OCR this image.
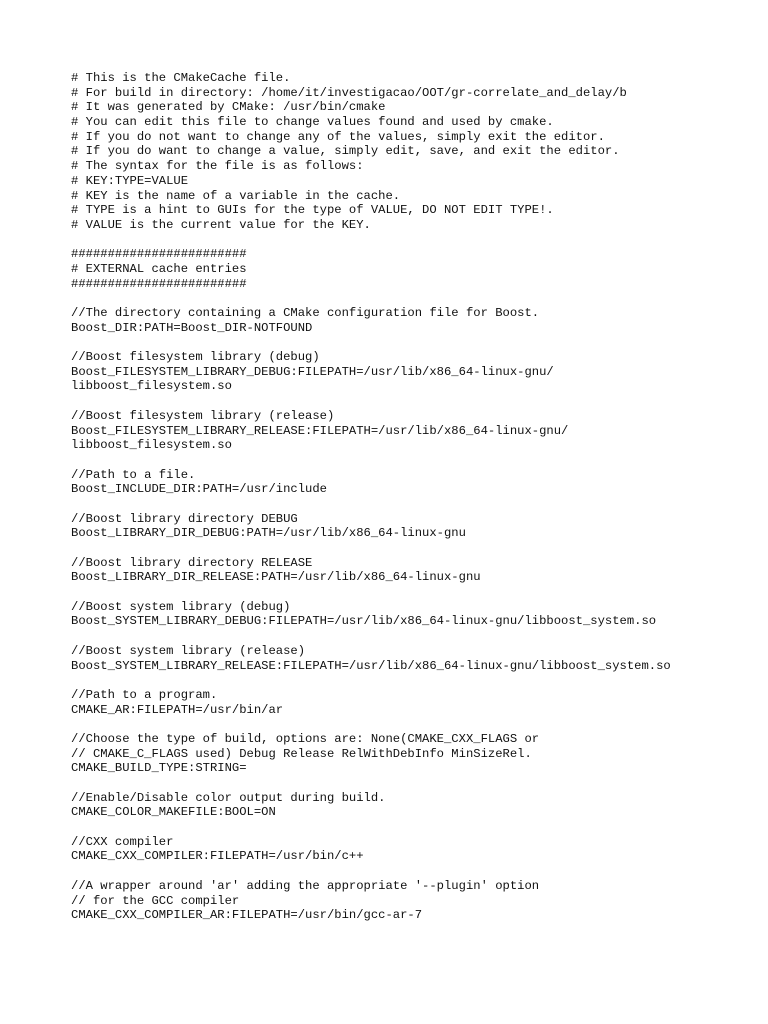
# This is the CMakeCache file.
# For build in directory: /home/it/investigacao/OOT/gr-correlate_and_delay/b
# It was generated by CMake: /usr/bin/cmake
# You can edit this file to change values found and used by cmake.
# If you do not want to change any of the values, simply exit the editor.
# If you do want to change a value, simply edit, save, and exit the editor.
# The syntax for the file is as follows:
# KEY:TYPE=VALUE
# KEY is the name of a variable in the cache.
# TYPE is a hint to GUIs for the type of VALUE, DO NOT EDIT TYPE!.
# VALUE is the current value for the KEY.
########################
# EXTERNAL cache entries
########################
//The directory containing a CMake configuration file for Boost.
Boost_DIR:PATH=Boost_DIR-NOTFOUND
//Boost filesystem library (debug)
Boost_FILESYSTEM_LIBRARY_DEBUG:FILEPATH=/usr/lib/x86_64-linux-gnu/
libboost_filesystem.so
//Boost filesystem library (release)
Boost_FILESYSTEM_LIBRARY_RELEASE:FILEPATH=/usr/lib/x86_64-linux-gnu/
libboost_filesystem.so
//Path to a file.
Boost_INCLUDE_DIR:PATH=/usr/include
//Boost library directory DEBUG
Boost_LIBRARY_DIR_DEBUG:PATH=/usr/lib/x86_64-linux-gnu
//Boost library directory RELEASE
Boost_LIBRARY_DIR_RELEASE:PATH=/usr/lib/x86_64-linux-gnu
//Boost system library (debug)
Boost_SYSTEM_LIBRARY_DEBUG:FILEPATH=/usr/lib/x86_64-linux-gnu/libboost_system.so
//Boost system library (release)
Boost_SYSTEM_LIBRARY_RELEASE:FILEPATH=/usr/lib/x86_64-linux-gnu/libboost_system.so
//Path to a program.
CMAKE_AR:FILEPATH=/usr/bin/ar
//Choose the type of build, options are: None(CMAKE_CXX_FLAGS or
// CMAKE_C_FLAGS used) Debug Release RelWithDebInfo MinSizeRel.
CMAKE_BUILD_TYPE:STRING=
//Enable/Disable color output during build.
CMAKE_COLOR_MAKEFILE:BOOL=ON
//CXX compiler
CMAKE_CXX_COMPILER:FILEPATH=/usr/bin/c++
//A wrapper around 'ar' adding the appropriate '--plugin' option
// for the GCC compiler
CMAKE_CXX_COMPILER_AR:FILEPATH=/usr/bin/gcc-ar-7
